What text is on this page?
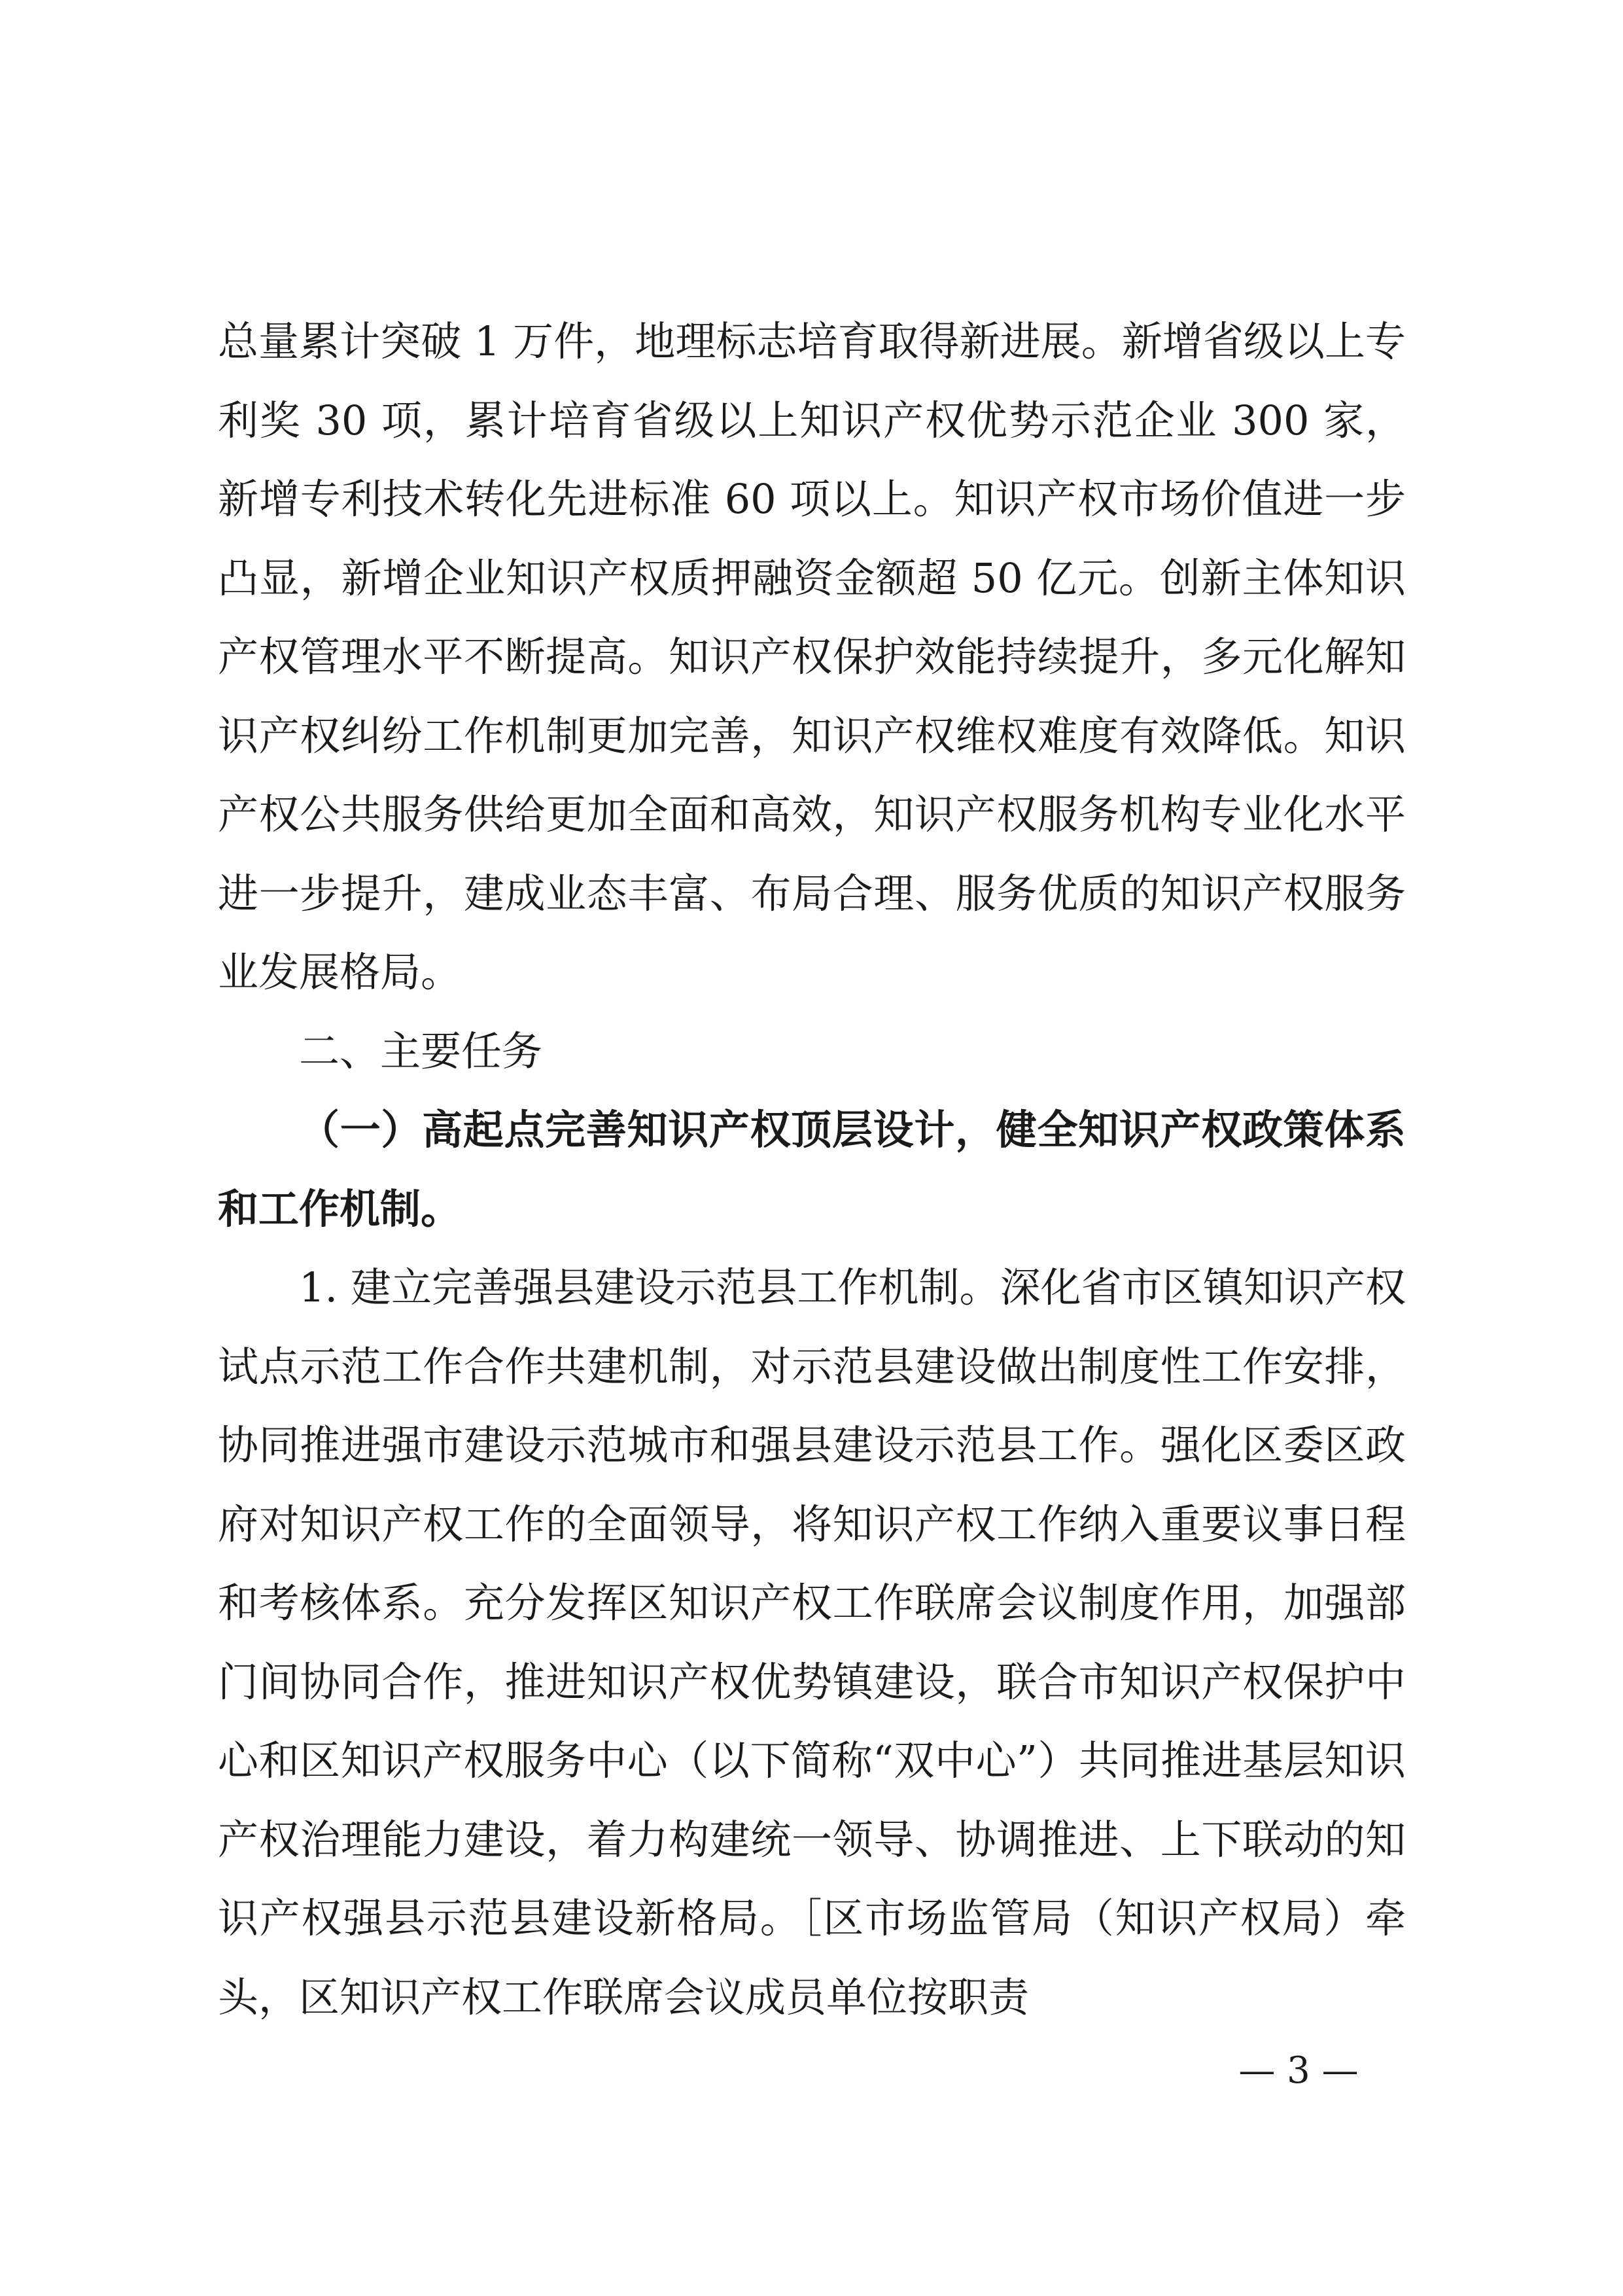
总量累计突破 1 万件，地理标志培育取得新进展。新增省级以上专利奖 30 项，累计培育省级以上知识产权优势示范企业 300 家，新增专利技术转化先进标准 60 项以上。知识产权市场价值进一步凸显，新增企业知识产权质押融资金额超 50 亿元。创新主体知识产权管理水平不断提高。知识产权保护效能持续提升，多元化解知识产权纠纷工作机制更加完善，知识产权维权难度有效降低。知识产权公共服务供给更加全面和高效，知识产权服务机构专业化水平进一步提升，建成业态丰富、布局合理、服务优质的知识产权服务业发展格局。

二、主要任务

（一）高起点完善知识产权顶层设计，健全知识产权政策体系和工作机制。

1. 建立完善强县建设示范县工作机制。深化省市区镇知识产权试点示范工作合作共建机制，对示范县建设做出制度性工作安排，协同推进强市建设示范城市和强县建设示范县工作。强化区委区政府对知识产权工作的全面领导，将知识产权工作纳入重要议事日程和考核体系。充分发挥区知识产权工作联席会议制度作用，加强部门间协同合作，推进知识产权优势镇建设，联合市知识产权保护中心和区知识产权服务中心（以下简称“双中心”）共同推进基层知识产权治理能力建设，着力构建统一领导、协调推进、上下联动的知识产权强县示范县建设新格局。［区市场监管局（知识产权局）牵头，区知识产权工作联席会议成员单位按职责

— 3 —
